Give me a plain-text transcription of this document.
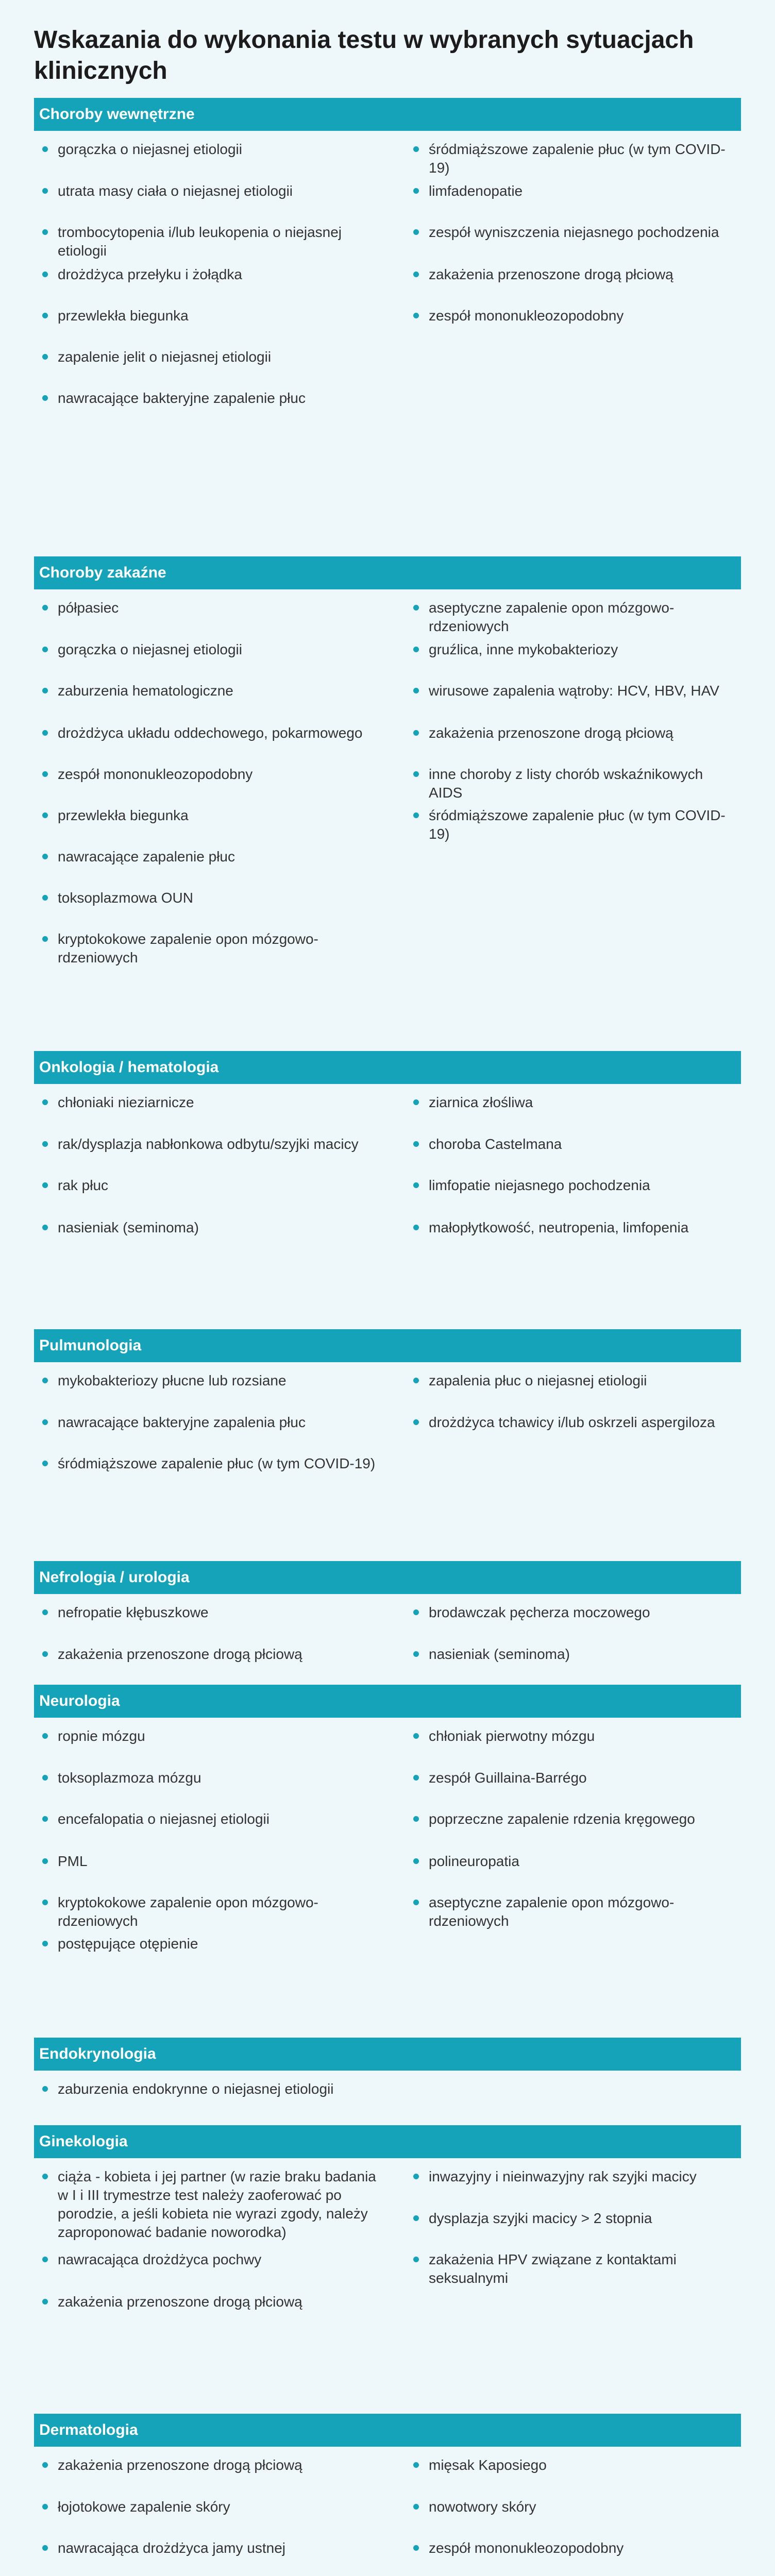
Wskazania do wykonania testu w wybranych sytuacjach klinicznych
Choroby wewnętrzne
gorączka o niejasnej etiologii
utrata masy ciała o niejasnej etiologii
trombocytopenia i/lub leukopenia o niejasnej etiologii
drożdżyca przełyku i żołądka
przewlekła biegunka
zapalenie jelit o niejasnej etiologii
nawracające bakteryjne zapalenie płuc
śródmiąższowe zapalenie płuc (w tym COVID-19)
limfadenopatie
zespół wyniszczenia niejasnego pochodzenia
zakażenia przenoszone drogą płciową
zespół mononukleozopodobny
Choroby zakaźne
półpasiec
gorączka o niejasnej etiologii
zaburzenia hematologiczne
drożdżyca układu oddechowego, pokarmowego
zespół mononukleozopodobny
przewlekła biegunka
nawracające zapalenie płuc
toksoplazmowa OUN
kryptokokowe zapalenie opon mózgowo-rdzeniowych
aseptyczne zapalenie opon mózgowo-rdzeniowych
gruźlica, inne mykobakteriozy
wirusowe zapalenia wątroby: HCV, HBV, HAV
zakażenia przenoszone drogą płciową
inne choroby z listy chorób wskaźnikowych AIDS
śródmiąższowe zapalenie płuc (w tym COVID-19)
Onkologia / hematologia
chłoniaki nieziarnicze
rak/dysplazja nabłonkowa odbytu/szyjki macicy
rak płuc
nasieniak (seminoma)
ziarnica złośliwa
choroba Castelmana
limfopatie niejasnego pochodzenia
małopłytkowość, neutropenia, limfopenia
Pulmunologia
mykobakteriozy płucne lub rozsiane
nawracające bakteryjne zapalenia płuc
śródmiąższowe zapalenie płuc (w tym COVID-19)
zapalenia płuc o niejasnej etiologii
drożdżyca tchawicy i/lub oskrzeli aspergiloza
Nefrologia / urologia
nefropatie kłębuszkowe
zakażenia przenoszone drogą płciową
brodawczak pęcherza moczowego
nasieniak (seminoma)
Neurologia
ropnie mózgu
toksoplazmoza mózgu
encefalopatia o niejasnej etiologii
PML
kryptokokowe zapalenie opon mózgowo-rdzeniowych
postępujące otępienie
chłoniak pierwotny mózgu
zespół Guillaina-Barrégo
poprzeczne zapalenie rdzenia kręgowego
polineuropatia
aseptyczne zapalenie opon mózgowo-rdzeniowych
Endokrynologia
zaburzenia endokrynne o niejasnej etiologii
Ginekologia
ciąża - kobieta i jej partner (w razie braku badania w I i III trymestrze test należy zaoferować po porodzie, a jeśli kobieta nie wyrazi zgody, należy zaproponować badanie noworodka)
nawracająca drożdżyca pochwy
zakażenia przenoszone drogą płciową
inwazyjny i nieinwazyjny rak szyjki macicy
dysplazja szyjki macicy > 2 stopnia
zakażenia HPV związane z kontaktami seksualnymi
Dermatologia
zakażenia przenoszone drogą płciową
łojotokowe zapalenie skóry
nawracająca drożdżyca jamy ustnej
mięsak Kaposiego
nowotwory skóry
zespół mononukleozopodobny
